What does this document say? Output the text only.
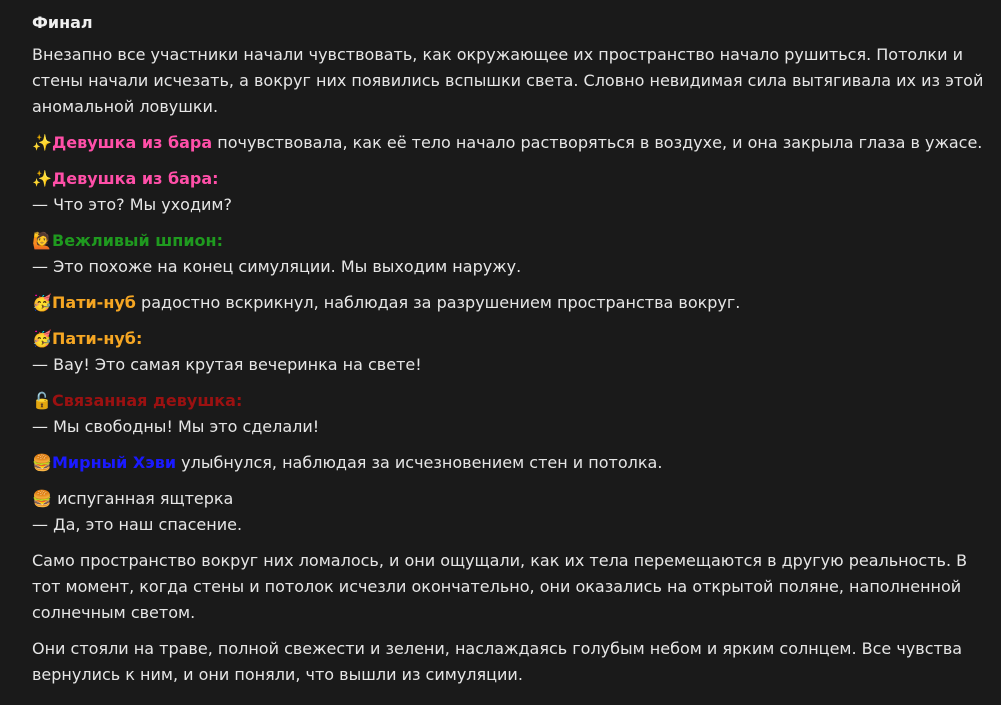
Финал

Внезапно все участники начали чувствовать, как окружающее их пространство начало рушиться. Потолки и стены начали исчезать, а вокруг них появились вспышки света. Словно невидимая сила вытягивала их из этой аномальной ловушки.

✨Девушка из бара почувствовала, как её тело начало растворяться в воздухе, и она закрыла глаза в ужасе.

✨Девушка из бара:
— Что это? Мы уходим?

🙋Вежливый шпион:
— Это похоже на конец симуляции. Мы выходим наружу.

🥳Пати-нуб радостно вскрикнул, наблюдая за разрушением пространства вокруг.

🥳Пати-нуб:
— Вау! Это самая крутая вечеринка на свете!

🔓Связанная девушка:
— Мы свободны! Мы это сделали!

🍔Мирный Хэви улыбнулся, наблюдая за исчезновением стен и потолка.

🍔 испуганная ящтерка
— Да, это наш спасение.

Само пространство вокруг них ломалось, и они ощущали, как их тела перемещаются в другую реальность. В тот момент, когда стены и потолок исчезли окончательно, они оказались на открытой поляне, наполненной солнечным светом.

Они стояли на траве, полной свежести и зелени, наслаждаясь голубым небом и ярким солнцем. Все чувства вернулись к ним, и они поняли, что вышли из симуляции.
